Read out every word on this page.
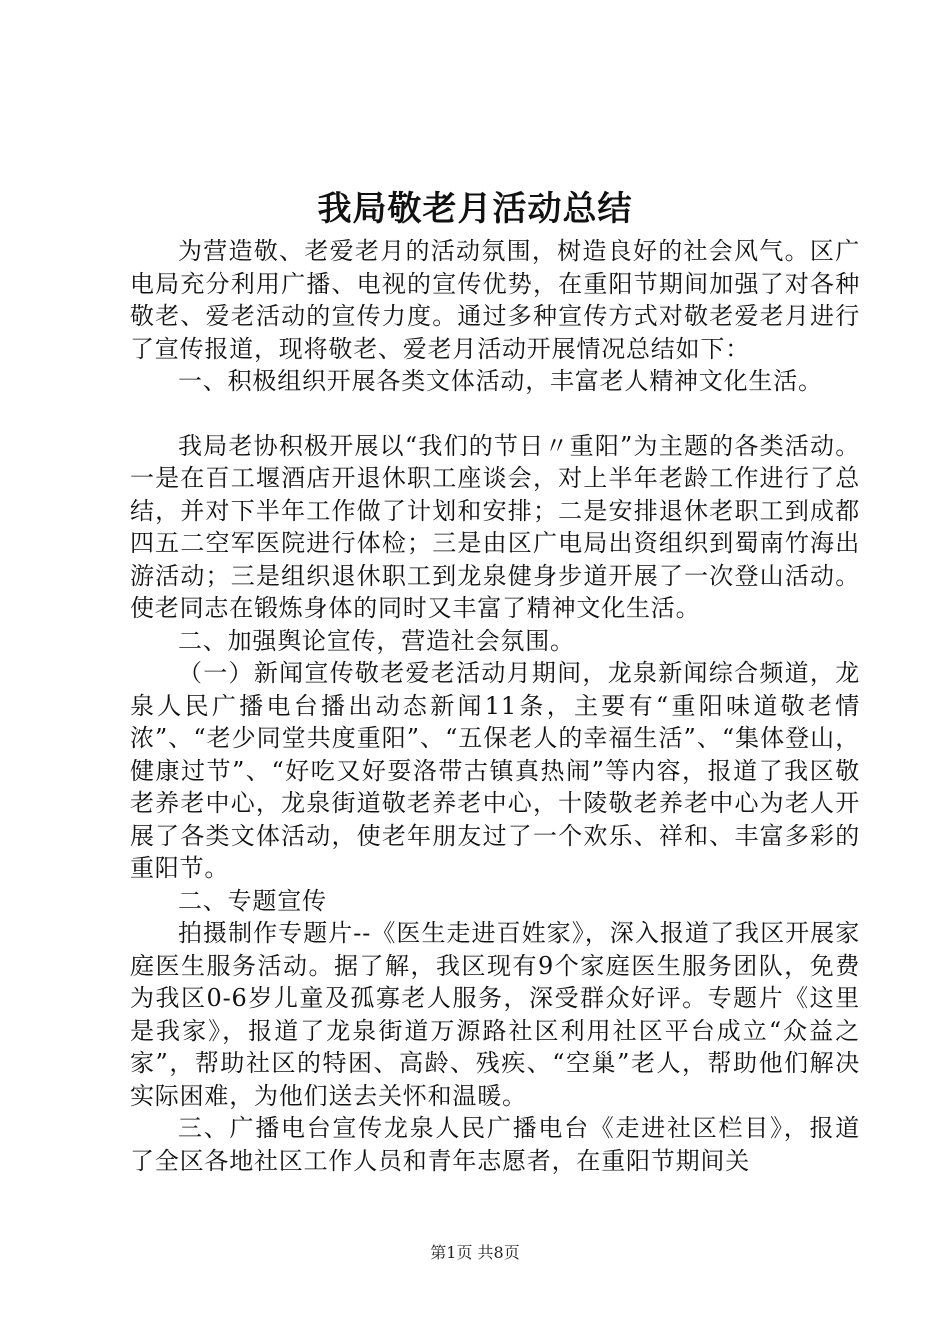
我局敬老月活动总结

为营造敬、老爱老月的活动氛围，树造良好的社会风气。区广电局充分利用广播、电视的宣传优势，在重阳节期间加强了对各种敬老、爱老活动的宣传力度。通过多种宣传方式对敬老爱老月进行了宣传报道，现将敬老、爱老月活动开展情况总结如下：

一、积极组织开展各类文体活动，丰富老人精神文化生活。

我局老协积极开展以“我们的节日〃重阳”为主题的各类活动。一是在百工堰酒店开退休职工座谈会，对上半年老龄工作进行了总结，并对下半年工作做了计划和安排；二是安排退休老职工到成都四五二空军医院进行体检；三是由区广电局出资组织到蜀南竹海出游活动；三是组织退休职工到龙泉健身步道开展了一次登山活动。使老同志在锻炼身体的同时又丰富了精神文化生活。

二、加强舆论宣传，营造社会氛围。

（一）新闻宣传敬老爱老活动月期间，龙泉新闻综合频道，龙泉人民广播电台播出动态新闻11条，主要有“重阳味道敬老情浓”、“老少同堂共度重阳”、“五保老人的幸福生活”、“集体登山，健康过节”、“好吃又好耍洛带古镇真热闹”等内容，报道了我区敬老养老中心，龙泉街道敬老养老中心，十陵敬老养老中心为老人开展了各类文体活动，使老年朋友过了一个欢乐、祥和、丰富多彩的重阳节。

二、专题宣传

拍摄制作专题片--《医生走进百姓家》，深入报道了我区开展家庭医生服务活动。据了解，我区现有9个家庭医生服务团队，免费为我区0-6岁儿童及孤寡老人服务，深受群众好评。专题片《这里是我家》，报道了龙泉街道万源路社区利用社区平台成立“众益之家”，帮助社区的特困、高龄、残疾、“空巢”老人，帮助他们解决实际困难，为他们送去关怀和温暖。

三、广播电台宣传龙泉人民广播电台《走进社区栏目》，报道了全区各地社区工作人员和青年志愿者，在重阳节期间关

第1页 共8页
